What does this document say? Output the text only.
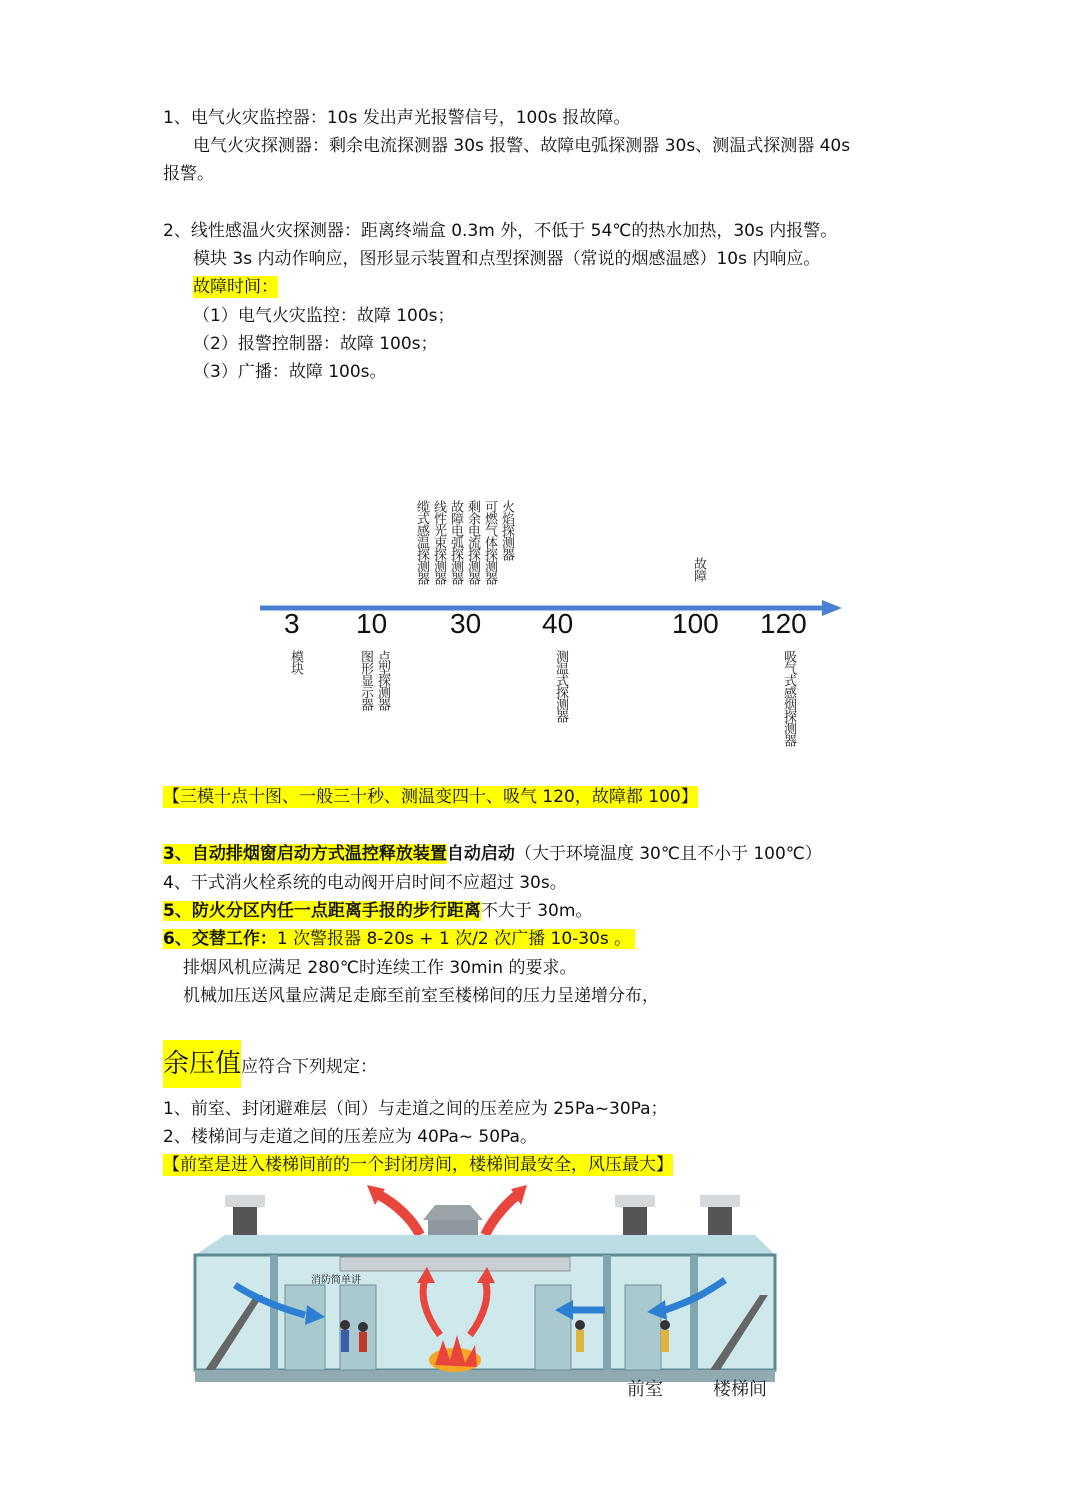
1、电气火灾监控器：10s 发出声光报警信号，100s 报故障。
电气火灾探测器：剩余电流探测器 30s 报警、故障电弧探测器 30s、测温式探测器 40s
报警。
2、线性感温火灾探测器：距离终端盒 0.3m 外，不低于 54℃的热水加热，30s 内报警。
模块 3s 内动作响应，图形显示装置和点型探测器（常说的烟感温感）10s 内响应。
故障时间：
（1）电气火灾监控：故障 100s；
（2）报警控制器：故障 100s；
（3）广播：故障 100s。
缆式感温探测器 线性光束探测器 故障电弧探测器 剩余电流探测器 可燃气体探测器 火焰探测器
故障
3 10 30 40	100 120
模块	图形显示器 点型探测器	测温式探测器	吸气式感烟探测器
【三模十点十图、一般三十秒、测温变四十、吸气 120，故障都 100】
3、自动排烟窗启动方式温控释放装置自动启动（大于环境温度 30℃且不小于 100℃）
4、干式消火栓系统的电动阀开启时间不应超过 30s。
5、防火分区内任一点距离手报的步行距离不大于 30m。
6、交替工作：1 次警报器 8-20s + 1 次/2 次广播 10-30s 。
排烟风机应满足 280℃时连续工作 30min 的要求。
机械加压送风量应满足走廊至前室至楼梯间的压力呈递增分布，
余压值应符合下列规定：
1、前室、封闭避难层（间）与走道之间的压差应为 25Pa~30Pa；
2、楼梯间与走道之间的压差应为 40Pa~ 50Pa。
【前室是进入楼梯间前的一个封闭房间，楼梯间最安全，风压最大】
消防简单讲
前室	楼梯间
